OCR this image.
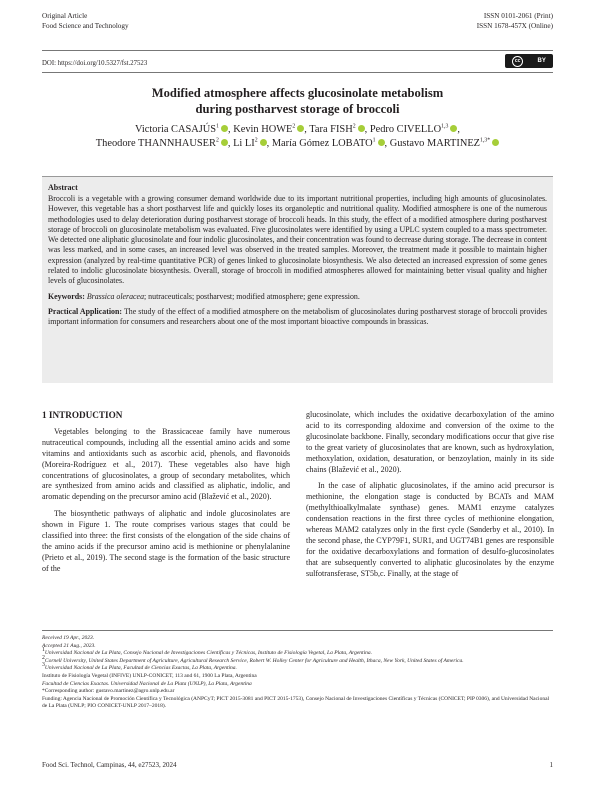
Original Article
Food Science and Technology
ISSN 0101-2061 (Print)
ISSN 1678-457X (Online)
DOI: https://doi.org/10.5327/fst.27523	cc	BY
Modified atmosphere affects glucosinolate metabolism
during postharvest storage of broccoli
Victoria CASAJÚS$^1$ , Kevin HOWE$^2$ , Tara FISH$^2$ , Pedro CIVELLO$^{1,3}$ ,
Theodore THANNHAUSER$^2$ , Li $LI^2$ , María Gómez LOBATO$^1$ , Gustavo $MARTINEZ^{1,3*}$
Abstract

Broccoli is a vegetable with a growing consumer demand worldwide due to its important nutritional properties, including high amounts of glucosinolates. However, this vegetable has a short postharvest life and quickly loses its organoleptic and nutritional quality. Modified atmosphere is one of the numerous methodologies used to delay deterioration during postharvest storage of broccoli heads. In this study, the effect of a modified atmosphere during postharvest storage of broccoli on glucosinolate metabolism was evaluated. Five glucosinolates were identified by using a UPLC system coupled to a mass spectrometer. We detected one aliphatic glucosinolate and four indolic glucosinolates, and their concentration was found to decrease during storage. The decrease in content was less marked, and in some cases, an increased level was observed in the treated samples. Moreover, the treatment made it possible to maintain higher expression (analyzed by real-time quantitative PCR) of genes linked to glucosinolate biosynthesis. We also detected an increased expression of some genes related to indolic glucosinolate biosynthesis. Overall, storage of broccoli in modified atmospheres allowed for maintaining better visual quality and higher levels of glucosinolates.

Keywords: Brassica oleracea; nutraceuticals; postharvest; modified atmosphere; gene expression.

Practical Application: The study of the effect of a modified atmosphere on the metabolism of glucosinolates during postharvest storage of broccoli provides important information for consumers and researchers about one of the most important bioactive compounds in brassicas.

1 INTRODUCTION

Vegetables belonging to the Brassicaceae family have numerous nutraceutical compounds, including all the essential amino acids and some vitamins and antioxidants such as ascorbic acid, phenols, and flavonoids (Moreira-Rodríguez et al., 2017). These vegetables also have high concentrations of glucosinolates, a group of secondary metabolites, which are synthesized from amino acids and classified as aliphatic, indolic, and aromatic depending on the precursor amino acid (Blažević et al., 2020).

The biosynthetic pathways of aliphatic and indole glucosinolates are shown in Figure 1. The route comprises various stages that could be classified into three: the first consists of the elongation of the side chains of the amino acids if the precursor amino acid is methionine or phenylalanine (Prieto et al., 2019). The second stage is the formation of the basic structure of the

glucosinolate, which includes the oxidative decarboxylation of the amino acid to its corresponding aldoxime and conversion of the oxime to the glucosinolate backbone. Finally, secondary modifications occur that give rise to the great variety of glucosinolates that are known, such as hydroxylation, methoxylation, oxidation, desaturation, or benzoylation, mainly in its side chains (Blažević et al., 2020).

In the case of aliphatic glucosinolates, if the amino acid precursor is methionine, the elongation stage is conducted by BCATs and MAM (methylthioalkylmalate synthase) genes. MAM1 enzyme catalyzes condensation reactions in the first three cycles of methionine elongation, whereas MAM2 catalyzes only in the first cycle (Sønderby et al., 2010). In the second phase, the CYP79F1, SUR1, and UGT74B1 genes are responsible for the oxidative decarboxylations and formation of desulfo-glucosinolates that are subsequently converted to aliphatic glucosinolates by the enzyme sulfotransferase, ST5b,c. Finally, at the stage of

Received 19 Apr., 2023.
Accepted 21 Aug., 2023.
$^1$Universidad Nacional de La Plata, Consejo Nacional de Investigaciones Científicas y Técnicas, Instituto de Fisiología Vegetal, La Plata, Argentina.
$^2$Cornell University, United States Department of Agriculture, Agricultural Research Service, Robert W. Holley Center for Agriculture and Health, Ithaca, New York, United States of America.
$^3$Universidad Nacional de La Plata, Facultad de Ciencias Exactas, La Plata, Argentina.
Instituto de Fisiología Vegetal (INFIVE) UNLP-CONICET, 113 and 61, 1900 La Plata, Argentina
Facultad de Ciencias Exactas. Universidad Nacional de La Plata (UNLP), La Plata, Argentina
*Corresponding author: gustavo.martinez@agro.unlp.edu.ar
Funding: Agencia Nacional de Promoción Científica y Tecnológica (ANPCyT; PICT 2015-3081 and PICT 2015-1753), Consejo Nacional de Investigaciones Científicas y Técnicas (CONICET; PIP 0306), and Universidad Nacional de La Plata (UNLP; PIO CONICET-UNLP 2017–2018).
Food Sci. Technol, Campinas, 44, e27523, 2024	1
